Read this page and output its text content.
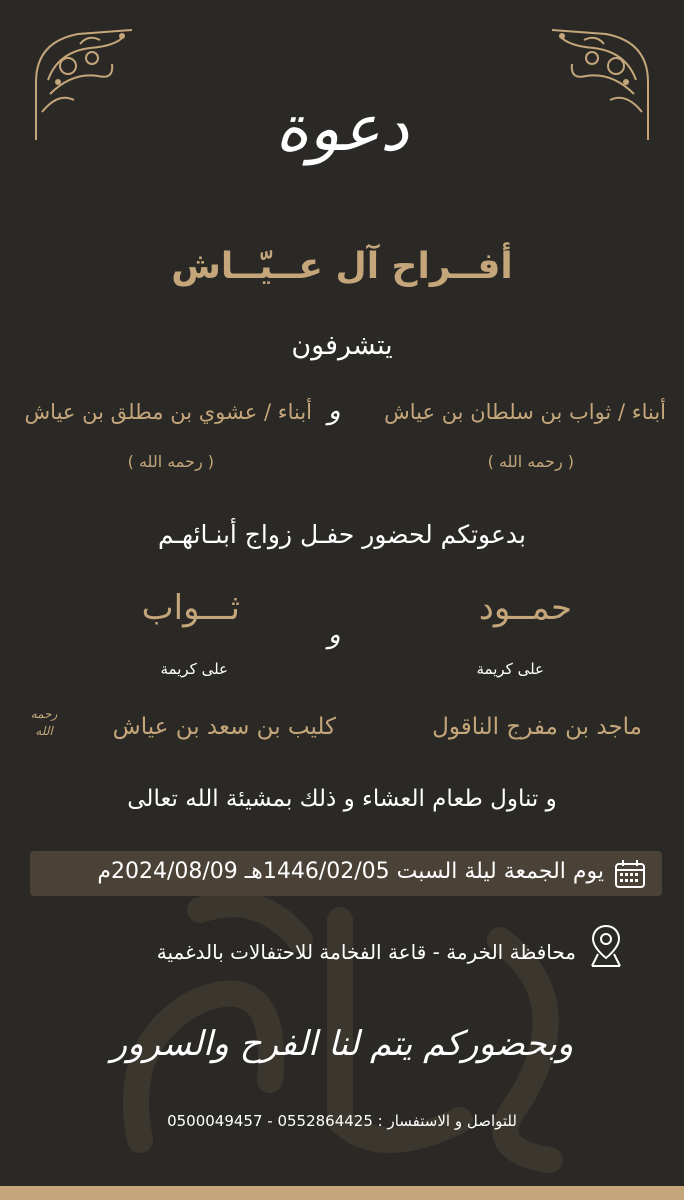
دعوة
أفــراح آل عــيّــاش
يتشرفون
أبناء / ثواب بن سلطان بن عياش
و
أبناء / عشوي بن مطلق بن عياش
( رحمه الله )
( رحمه الله )
بدعوتكم لحضور حفـل زواج أبنـائهـم
حمــود
و
ثـــواب
على كريمة
على كريمة
ماجد بن مفرج الناقول
كليب بن سعد بن عياش
رحمه الله
و تناول طعام العشاء و ذلك بمشيئة الله تعالى
يوم الجمعة ليلة السبت 1446/02/05هـ 2024/08/09م
محافظة الخرمة - قاعة الفخامة للاحتفالات بالدغمية
وبحضوركم يتم لنا الفرح والسرور
للتواصل و الاستفسار : 0552864425 - 0500049457
